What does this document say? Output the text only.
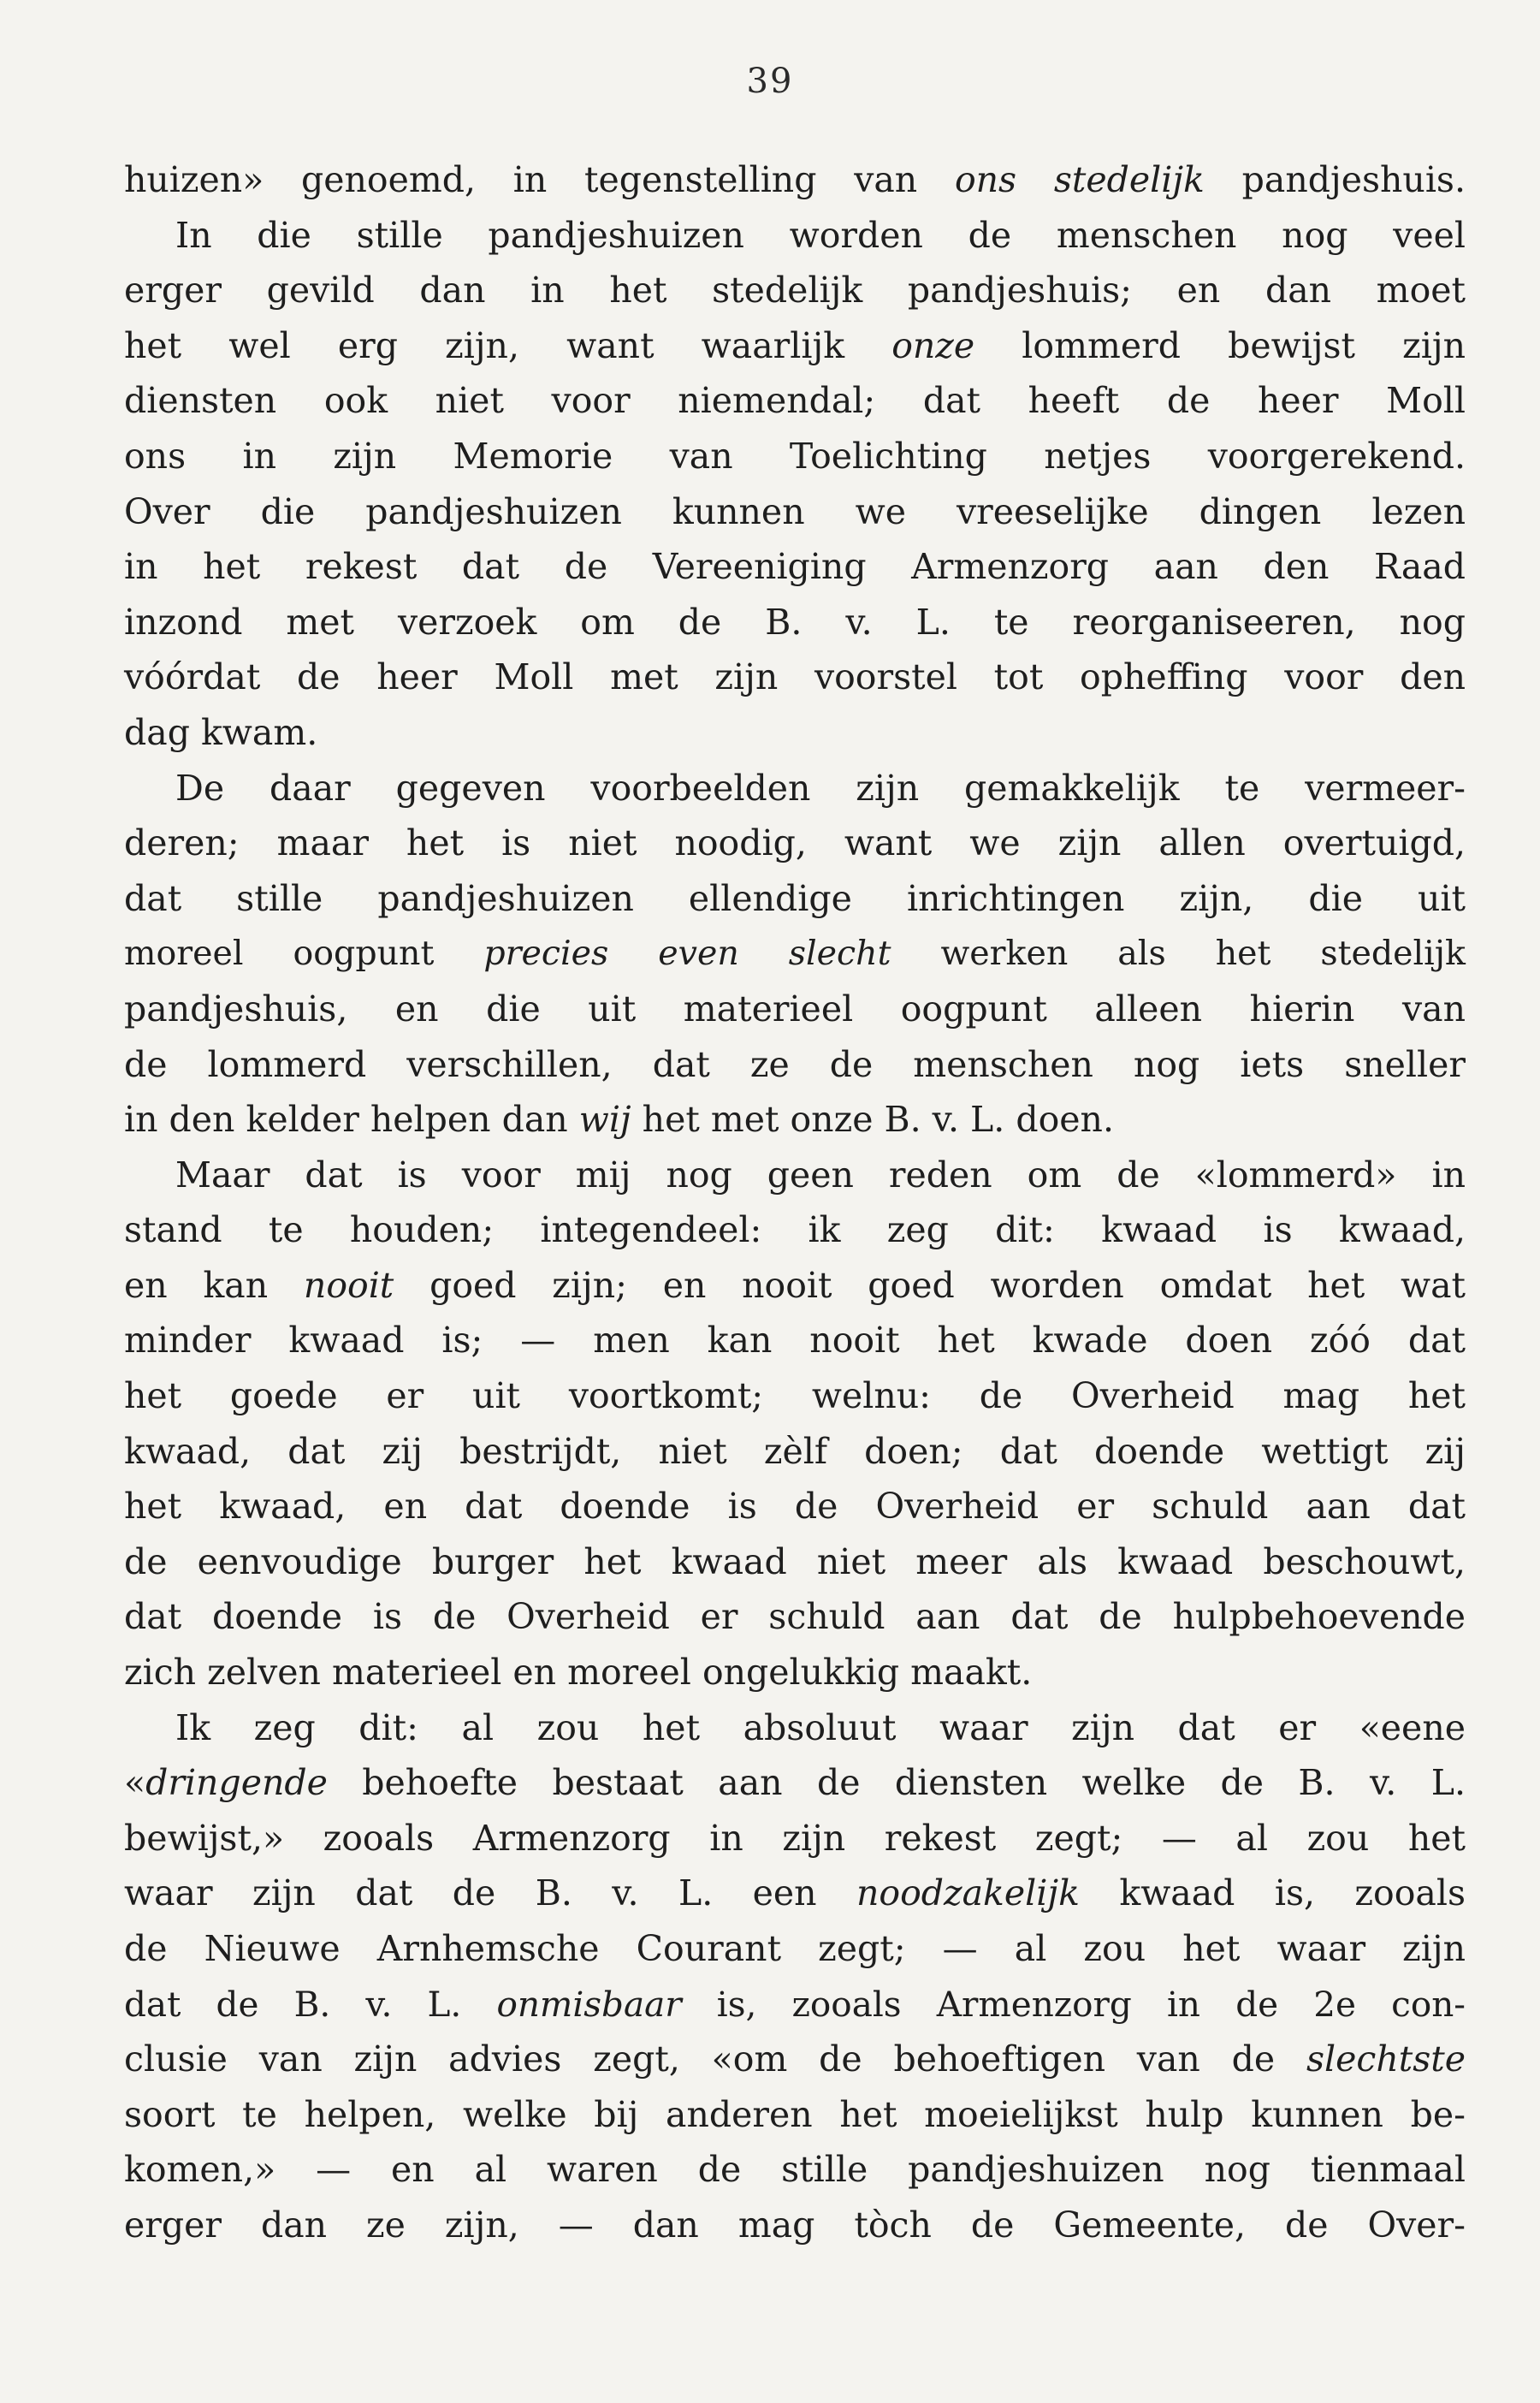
39
huizen» genoemd, in tegenstelling van ons stedelijk pandjeshuis.
In die stille pandjeshuizen worden de menschen nog veel
erger gevild dan in het stedelijk pandjeshuis; en dan moet
het wel erg zijn, want waarlijk onze lommerd bewijst zijn
diensten ook niet voor niemendal; dat heeft de heer Moll
ons in zijn Memorie van Toelichting netjes voorgerekend.
Over die pandjeshuizen kunnen we vreeselijke dingen lezen
in het rekest dat de Vereeniging Armenzorg aan den Raad
inzond met verzoek om de B. v. L. te reorganiseeren, nog
vóórdat de heer Moll met zijn voorstel tot opheffing voor den
dag kwam.
De daar gegeven voorbeelden zijn gemakkelijk te vermeer-
deren; maar het is niet noodig, want we zijn allen overtuigd,
dat stille pandjeshuizen ellendige inrichtingen zijn, die uit
moreel oogpunt precies even slecht werken als het stedelijk
pandjeshuis, en die uit materieel oogpunt alleen hierin van
de lommerd verschillen, dat ze de menschen nog iets sneller
in den kelder helpen dan wij het met onze B. v. L. doen.
Maar dat is voor mij nog geen reden om de «lommerd» in
stand te houden; integendeel: ik zeg dit: kwaad is kwaad,
en kan nooit goed zijn; en nooit goed worden omdat het wat
minder kwaad is; — men kan nooit het kwade doen zóó dat
het goede er uit voortkomt; welnu: de Overheid mag het
kwaad, dat zij bestrijdt, niet zèlf doen; dat doende wettigt zij
het kwaad, en dat doende is de Overheid er schuld aan dat
de eenvoudige burger het kwaad niet meer als kwaad beschouwt,
dat doende is de Overheid er schuld aan dat de hulpbehoevende
zich zelven materieel en moreel ongelukkig maakt.
Ik zeg dit: al zou het absoluut waar zijn dat er «eene
«dringende behoefte bestaat aan de diensten welke de B. v. L.
bewijst,» zooals Armenzorg in zijn rekest zegt; — al zou het
waar zijn dat de B. v. L. een noodzakelijk kwaad is, zooals
de Nieuwe Arnhemsche Courant zegt; — al zou het waar zijn
dat de B. v. L. onmisbaar is, zooals Armenzorg in de 2e con-
clusie van zijn advies zegt, «om de behoeftigen van de slechtste
soort te helpen, welke bij anderen het moeielijkst hulp kunnen be-
komen,» — en al waren de stille pandjeshuizen nog tienmaal
erger dan ze zijn, — dan mag tòch de Gemeente, de Over-
